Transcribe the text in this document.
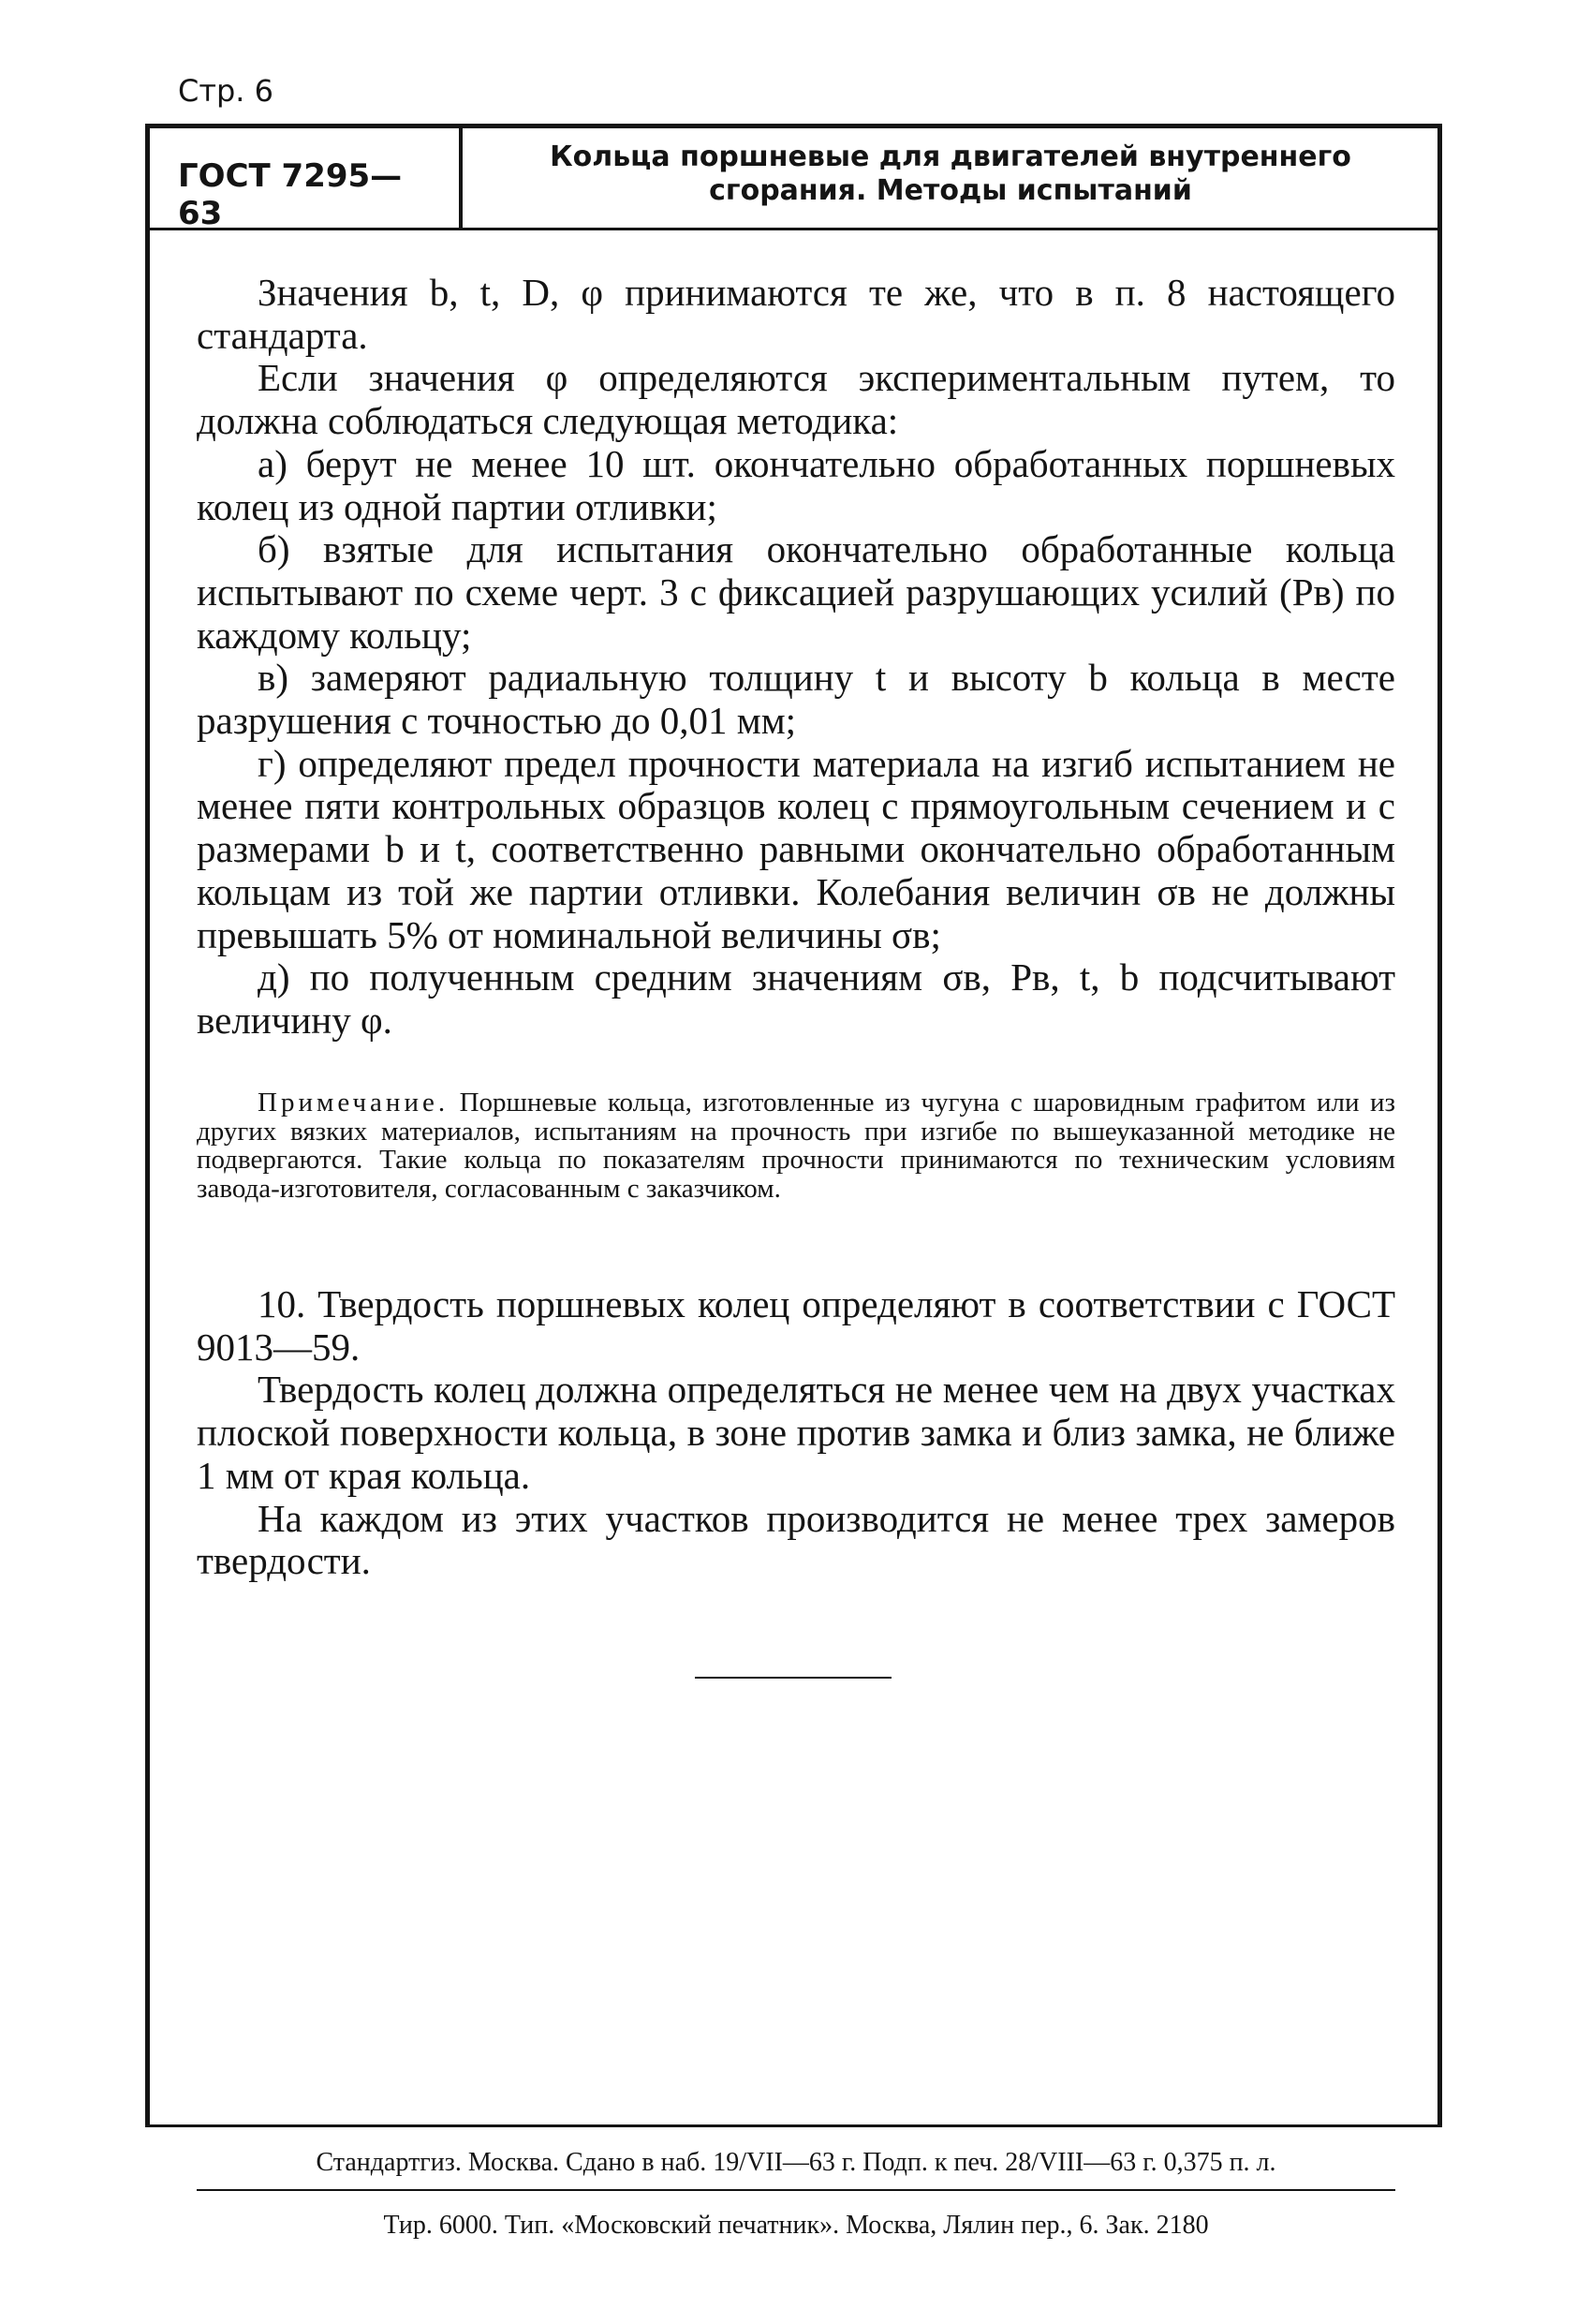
Стр. 6
ГОСТ 7295—63
Кольца поршневые для двигателей внутреннего сгорания. Методы испытаний

Значения b, t, D, φ принимаются те же, что в п. 8 настоящего стандарта.

Если значения φ определяются экспериментальным путем, то должна соблюдаться следующая методика:

а) берут не менее 10 шт. окончательно обработанных поршневых колец из одной партии отливки;

б) взятые для испытания окончательно обработанные кольца испытывают по схеме черт. 3 с фиксацией разрушающих усилий (Pв) по каждому кольцу;

в) замеряют радиальную толщину t и высоту b кольца в месте разрушения с точностью до 0,01 мм;

г) определяют предел прочности материала на изгиб испытанием не менее пяти контрольных образцов колец с прямоугольным сечением и с размерами b и t, соответственно равными окончательно обработанным кольцам из той же партии отливки. Колебания величин σв не должны превышать 5% от номинальной величины σв;

д) по полученным средним значениям σв, Pв, t, b подсчитывают величину φ.

Примечание. Поршневые кольца, изготовленные из чугуна с шаровидным графитом или из других вязких материалов, испытаниям на прочность при изгибе по вышеуказанной методике не подвергаются. Такие кольца по показателям прочности принимаются по техническим условиям завода-изготовителя, согласованным с заказчиком.

10. Твердость поршневых колец определяют в соответствии с ГОСТ 9013—59.

Твердость колец должна определяться не менее чем на двух участках плоской поверхности кольца, в зоне против замка и близ замка, не ближе 1 мм от края кольца.

На каждом из этих участков производится не менее трех замеров твердости.

Стандартгиз. Москва. Сдано в наб. 19/VII—63 г. Подп. к печ. 28/VIII—63 г. 0,375 п. л.
Тир. 6000. Тип. «Московский печатник». Москва, Лялин пер., 6. Зак. 2180
